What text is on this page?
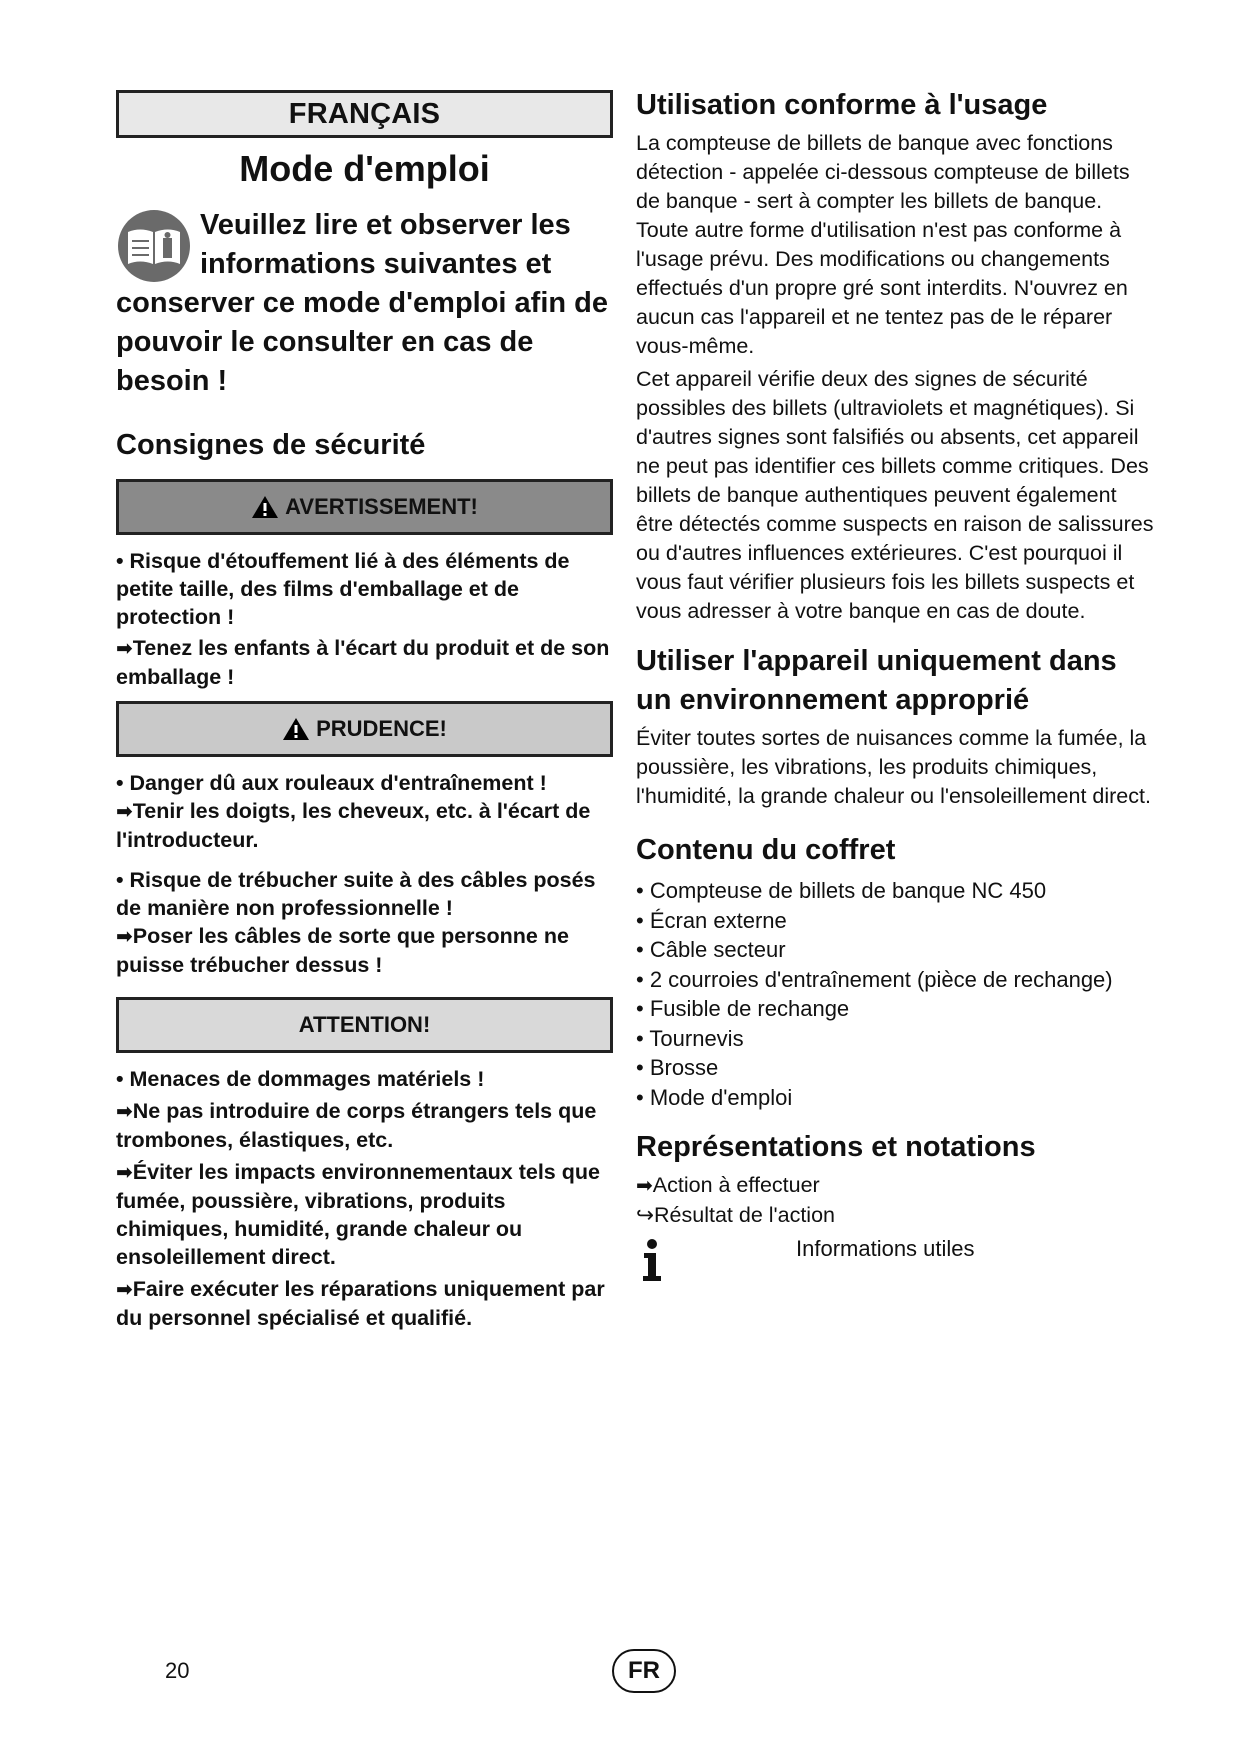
FRANÇAIS
Mode d'emploi
Veuillez lire et observer les informations suivantes et conserver ce mode d'emploi afin de pouvoir le consulter en cas de besoin !
Consignes de sécurité
AVERTISSEMENT!

• Risque d'étouffement lié à des éléments de petite taille, des films d'emballage et de protection !

➡Tenez les enfants à l'écart du produit et de son emballage !

PRUDENCE!

• Danger dû aux rouleaux d'entraînement !

➡Tenir les doigts, les cheveux, etc. à l'écart de l'introducteur.

• Risque de trébucher suite à des câbles posés de manière non professionnelle !

➡Poser les câbles de sorte que personne ne puisse trébucher dessus !

ATTENTION!

• Menaces de dommages matériels !

➡Ne pas introduire de corps étrangers tels que trombones, élastiques, etc.

➡Éviter les impacts environnementaux tels que fumée, poussière, vibrations, produits chimiques, humidité, grande chaleur ou ensoleillement direct.

➡Faire exécuter les réparations uniquement par du personnel spécialisé et qualifié.

Utilisation conforme à l'usage

La compteuse de billets de banque avec fonctions détection - appelée ci-dessous compteuse de billets de banque - sert à compter les billets de banque.

Toute autre forme d'utilisation n'est pas conforme à l'usage prévu. Des modifications ou changements effectués d'un propre gré sont interdits. N'ouvrez en aucun cas l'appareil et ne tentez pas de le réparer vous-même.

Cet appareil vérifie deux des signes de sécurité possibles des billets (ultraviolets et magnétiques). Si d'autres signes sont falsifiés ou absents, cet appareil ne peut pas identifier ces billets comme critiques. Des billets de banque authentiques peuvent également être détectés comme suspects en raison de salissures ou d'autres influences extérieures. C'est pourquoi il vous faut vérifier plusieurs fois les billets suspects et vous adresser à votre banque en cas de doute.

Utiliser l'appareil uniquement dans un environnement approprié
Éviter toutes sortes de nuisances comme la fumée, la poussière, les vibrations, les produits chimiques, l'humidité, la grande chaleur ou l'ensoleillement direct.
Contenu du coffret
• Compteuse de billets de banque NC 450
• Écran externe
• Câble secteur
• 2 courroies d'entraînement (pièce de rechange)
• Fusible de rechange
• Tournevis
• Brosse
• Mode d'emploi
Représentations et notations

➡Action à effectuer

↪Résultat de l'action

Informations utiles
20	FR
